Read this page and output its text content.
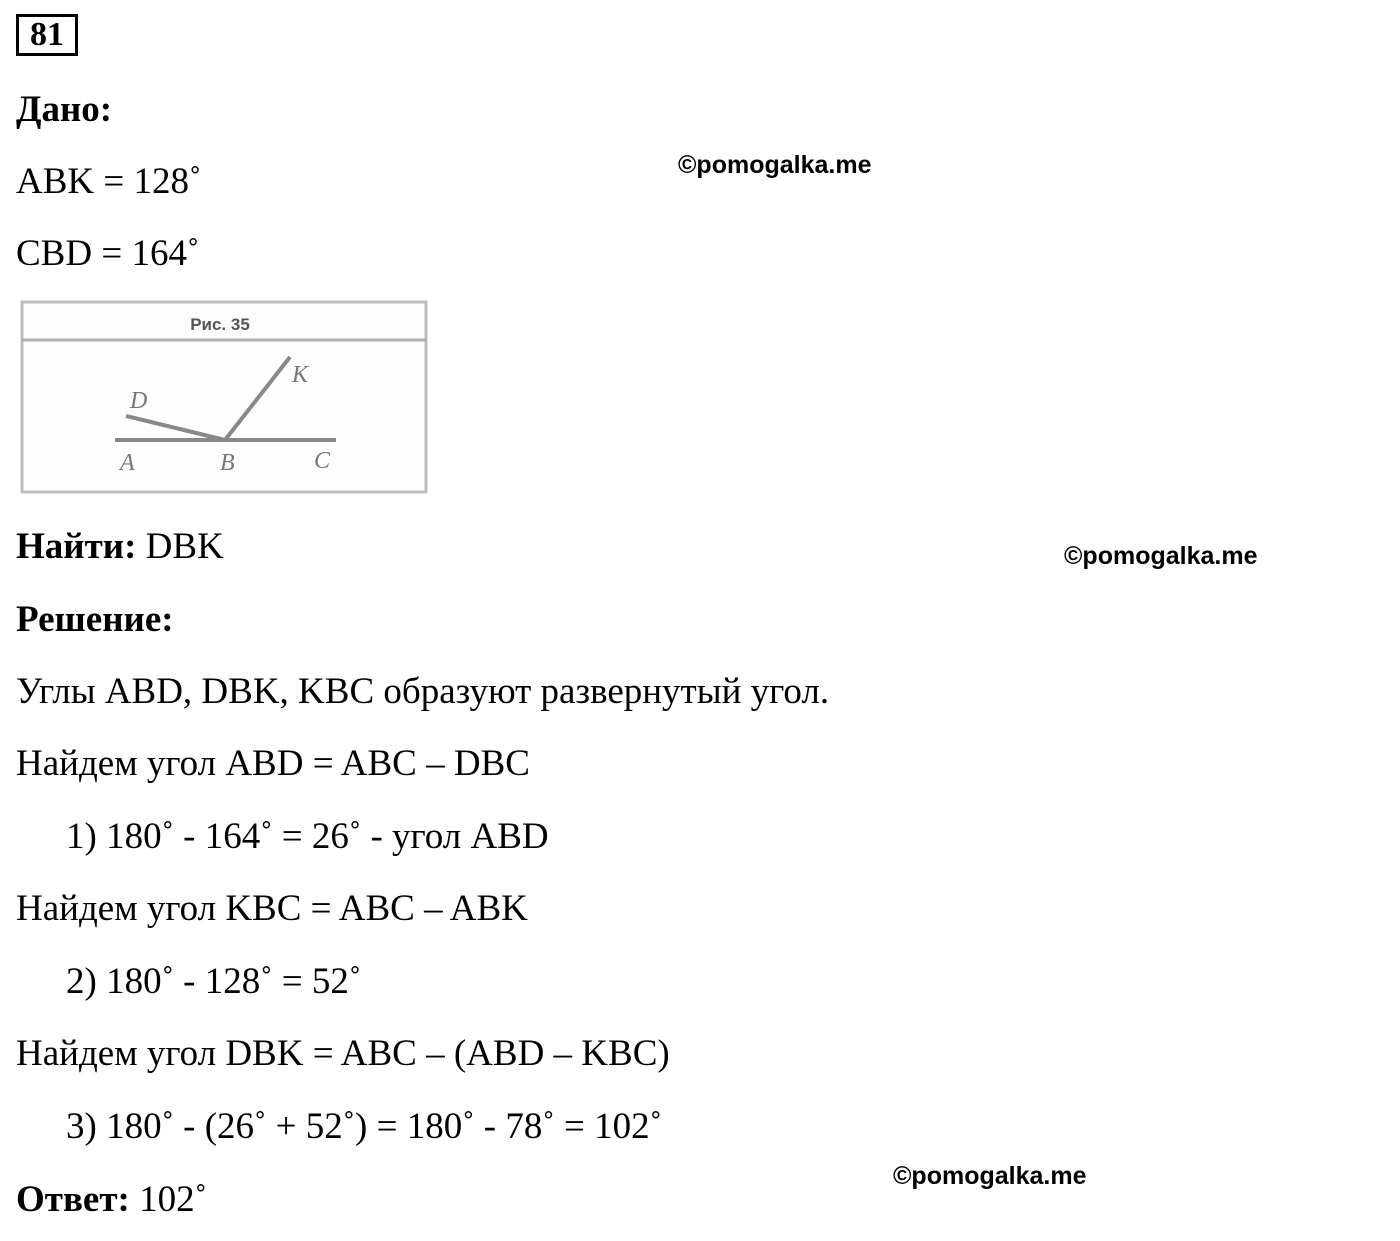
81
Дано:
ABK = 128˚
CBD = 164˚
©pomogalka.me
Рис. 35
A	B	C
D
K
Найти: DBK	©pomogalka.me
Решение:
Углы ABD, DBK, KBC образуют развернутый угол.
Найдем угол ABD = ABC – DBC
1) 180˚ - 164˚ = 26˚ - угол ABD
Найдем угол KBC = ABC – ABK
2) 180˚ - 128˚ = 52˚
Найдем угол DBK = ABC – (ABD – KBC)
3) 180˚ - (26˚ + 52˚) = 180˚ - 78˚ = 102˚
©pomogalka.me
Ответ: 102˚
